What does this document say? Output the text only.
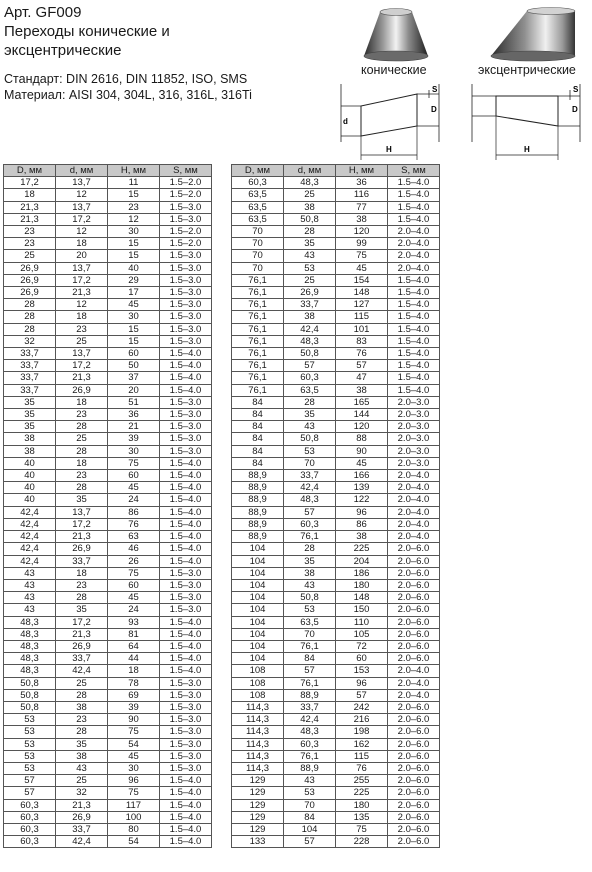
Арт. GF009
Переходы конические и
эксцентрические
Стандарт: DIN 2616, DIN 11852, ISO, SMS
Материал: AISI 304, 304L, 316, 316L, 316Ti
конические	эксцентрические
d
D
S
H
D
S
H
D, мм	d, мм	H, мм	S, мм
17,2	13,7	11	1.5–2.0
18	12	15	1.5–2.0
21,3	13,7	23	1.5–3.0
21,3	17,2	12	1.5–3.0
23	12	30	1.5–2.0
23	18	15	1.5–2.0
25	20	15	1.5–3.0
26,9	13,7	40	1.5–3.0
26,9	17,2	29	1.5–3.0
26,9	21,3	17	1.5–3.0
28	12	45	1.5–3.0
28	18	30	1.5–3.0
28	23	15	1.5–3.0
32	25	15	1.5–3.0
33,7	13,7	60	1.5–4.0
33,7	17,2	50	1.5–4.0
33,7	21,3	37	1.5–4.0
33,7	26,9	20	1.5–4.0
35	18	51	1.5–3.0
35	23	36	1.5–3.0
35	28	21	1.5–3.0
38	25	39	1.5–3.0
38	28	30	1.5–3.0
40	18	75	1.5–4.0
40	23	60	1.5–4.0
40	28	45	1.5–4.0
40	35	24	1.5–4.0
42,4	13,7	86	1.5–4.0
42,4	17,2	76	1.5–4.0
42,4	21,3	63	1.5–4.0
42,4	26,9	46	1.5–4.0
42,4	33,7	26	1.5–4.0
43	18	75	1.5–3.0
43	23	60	1.5–3.0
43	28	45	1.5–3.0
43	35	24	1.5–3.0
48,3	17,2	93	1.5–4.0
48,3	21,3	81	1.5–4.0
48,3	26,9	64	1.5–4.0
48,3	33,7	44	1.5–4.0
48,3	42,4	18	1.5–4.0
50,8	25	78	1.5–3.0
50,8	28	69	1.5–3.0
50,8	38	39	1.5–3.0
53	23	90	1.5–3.0
53	28	75	1.5–3.0
53	35	54	1.5–3.0
53	38	45	1.5–3.0
53	43	30	1.5–3.0
57	25	96	1.5–4.0
57	32	75	1.5–4.0
60,3	21,3	117	1.5–4.0
60,3	26,9	100	1.5–4.0
60,3	33,7	80	1.5–4.0
60,3	42,4	54	1.5–4.0
D, мм	d, мм	H, мм	S, мм
60,3	48,3	36	1.5–4.0
63,5	25	116	1.5–4.0
63,5	38	77	1.5–4.0
63,5	50,8	38	1.5–4.0
70	28	120	2.0–4.0
70	35	99	2.0–4.0
70	43	75	2.0–4.0
70	53	45	2.0–4.0
76,1	25	154	1.5–4.0
76,1	26,9	148	1.5–4.0
76,1	33,7	127	1.5–4.0
76,1	38	115	1.5–4.0
76,1	42,4	101	1.5–4.0
76,1	48,3	83	1.5–4.0
76,1	50,8	76	1.5–4.0
76,1	57	57	1.5–4.0
76,1	60,3	47	1.5–4.0
76,1	63,5	38	1.5–4.0
84	28	165	2.0–3.0
84	35	144	2.0–3.0
84	43	120	2.0–3.0
84	50,8	88	2.0–3.0
84	53	90	2.0–3.0
84	70	45	2.0–3.0
88,9	33,7	166	2.0–4.0
88,9	42,4	139	2.0–4.0
88,9	48,3	122	2.0–4.0
88,9	57	96	2.0–4.0
88,9	60,3	86	2.0–4.0
88,9	76,1	38	2.0–4.0
104	28	225	2.0–6.0
104	35	204	2.0–6.0
104	38	186	2.0–6.0
104	43	180	2.0–6.0
104	50,8	148	2.0–6.0
104	53	150	2.0–6.0
104	63,5	110	2.0–6.0
104	70	105	2.0–6.0
104	76,1	72	2.0–6.0
104	84	60	2.0–6.0
108	57	153	2.0–4.0
108	76,1	96	2.0–4.0
108	88,9	57	2.0–4.0
114,3	33,7	242	2.0–6.0
114,3	42,4	216	2.0–6.0
114,3	48,3	198	2.0–6.0
114,3	60,3	162	2.0–6.0
114,3	76,1	115	2.0–6.0
114,3	88,9	76	2.0–6.0
129	43	255	2.0–6.0
129	53	225	2.0–6.0
129	70	180	2.0–6.0
129	84	135	2.0–6.0
129	104	75	2.0–6.0
133	57	228	2.0–6.0
